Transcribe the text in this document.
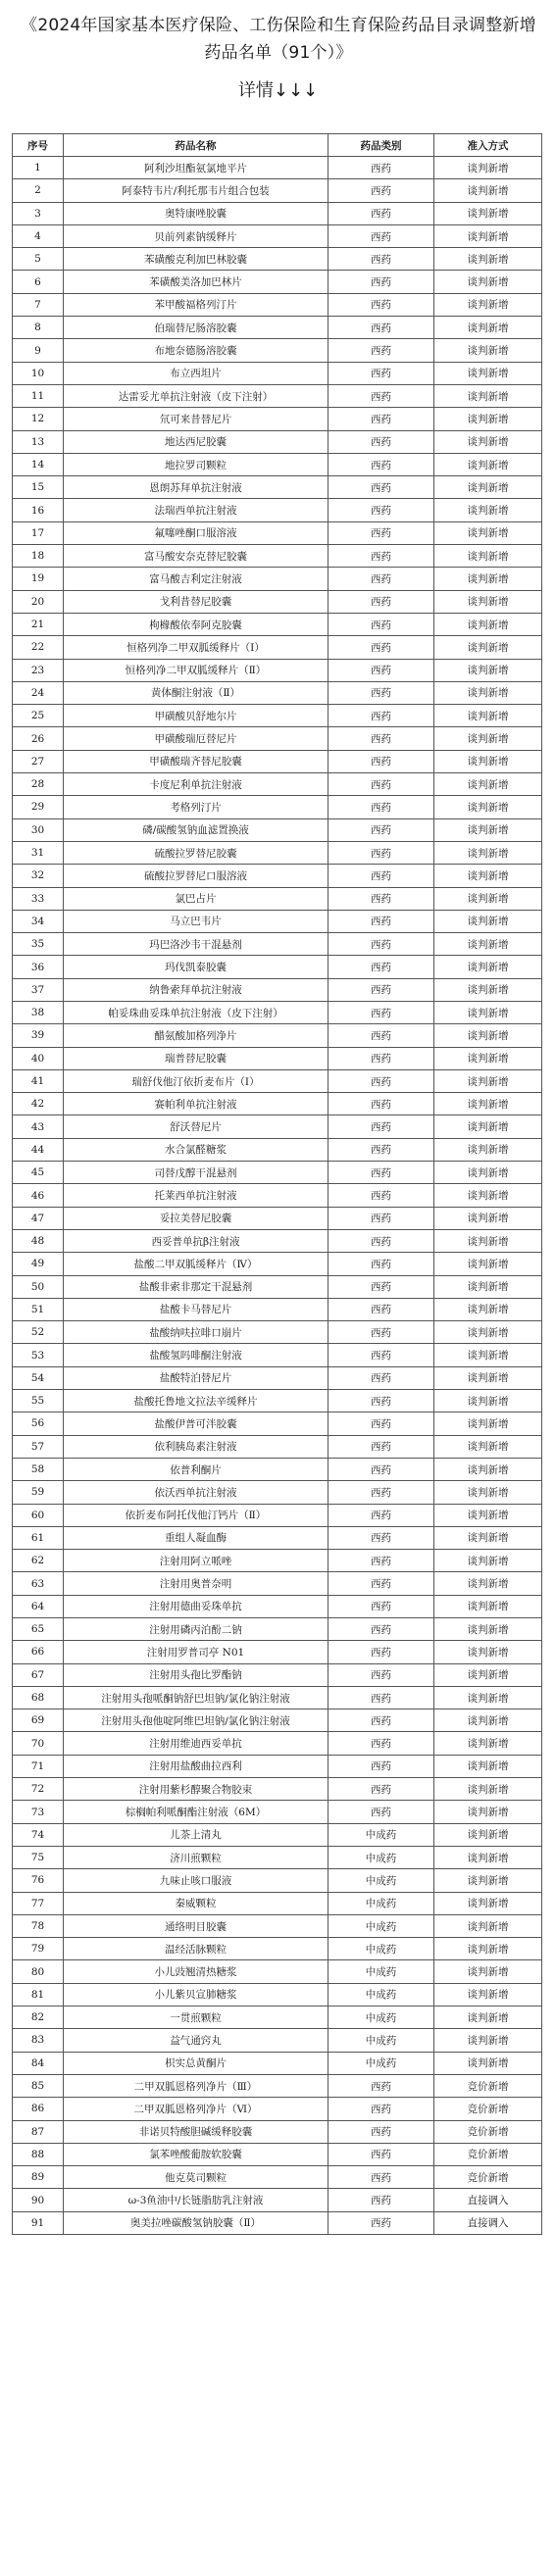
《2024年国家基本医疗保险、工伤保险和生育保险药品目录调整新增药品名单（91个）》
详情↓↓↓
序号	药品名称	药品类别	准入方式
1	阿利沙坦酯氨氯地平片	西药	谈判新增
2	阿泰特韦片/利托那韦片组合包装	西药	谈判新增
3	奥特康唑胶囊	西药	谈判新增
4	贝前列素钠缓释片	西药	谈判新增
5	苯磺酸克利加巴林胶囊	西药	谈判新增
6	苯磺酸美洛加巴林片	西药	谈判新增
7	苯甲酸福格列汀片	西药	谈判新增
8	伯瑞替尼肠溶胶囊	西药	谈判新增
9	布地奈德肠溶胶囊	西药	谈判新增
10	布立西坦片	西药	谈判新增
11	达雷妥尤单抗注射液（皮下注射）	西药	谈判新增
12	氘可来昔替尼片	西药	谈判新增
13	地达西尼胶囊	西药	谈判新增
14	地拉罗司颗粒	西药	谈判新增
15	恩朗苏拜单抗注射液	西药	谈判新增
16	法瑞西单抗注射液	西药	谈判新增
17	氟噻唑酮口服溶液	西药	谈判新增
18	富马酸安奈克替尼胶囊	西药	谈判新增
19	富马酸吉利定注射液	西药	谈判新增
20	戈利昔替尼胶囊	西药	谈判新增
21	枸橼酸依奉阿克胶囊	西药	谈判新增
22	恒格列净二甲双胍缓释片（Ⅰ）	西药	谈判新增
23	恒格列净二甲双胍缓释片（Ⅱ）	西药	谈判新增
24	黄体酮注射液（Ⅱ）	西药	谈判新增
25	甲磺酸贝舒地尔片	西药	谈判新增
26	甲磺酸瑞厄替尼片	西药	谈判新增
27	甲磺酸瑞齐替尼胶囊	西药	谈判新增
28	卡度尼利单抗注射液	西药	谈判新增
29	考格列汀片	西药	谈判新增
30	磷/碳酸氢钠血滤置换液	西药	谈判新增
31	硫酸拉罗替尼胶囊	西药	谈判新增
32	硫酸拉罗替尼口服溶液	西药	谈判新增
33	氯巴占片	西药	谈判新增
34	马立巴韦片	西药	谈判新增
35	玛巴洛沙韦干混悬剂	西药	谈判新增
36	玛伐凯泰胶囊	西药	谈判新增
37	纳鲁索拜单抗注射液	西药	谈判新增
38	帕妥珠曲妥珠单抗注射液（皮下注射）	西药	谈判新增
39	醋氨酸加格列净片	西药	谈判新增
40	瑞普替尼胶囊	西药	谈判新增
41	瑞舒伐他汀依折麦布片（Ⅰ）	西药	谈判新增
42	赛帕利单抗注射液	西药	谈判新增
43	舒沃替尼片	西药	谈判新增
44	水合氯醛糖浆	西药	谈判新增
45	司替戊醇干混悬剂	西药	谈判新增
46	托莱西单抗注射液	西药	谈判新增
47	妥拉美替尼胶囊	西药	谈判新增
48	西妥普单抗β注射液	西药	谈判新增
49	盐酸二甲双胍缓释片（Ⅳ）	西药	谈判新增
50	盐酸非索非那定干混悬剂	西药	谈判新增
51	盐酸卡马替尼片	西药	谈判新增
52	盐酸纳呋拉啡口崩片	西药	谈判新增
53	盐酸氢吗啡酮注射液	西药	谈判新增
54	盐酸特泊替尼片	西药	谈判新增
55	盐酸托鲁地文拉法辛缓释片	西药	谈判新增
56	盐酸伊普可泮胶囊	西药	谈判新增
57	依利胰岛素注射液	西药	谈判新增
58	依普利酮片	西药	谈判新增
59	依沃西单抗注射液	西药	谈判新增
60	依折麦布阿托伐他汀钙片（Ⅱ）	西药	谈判新增
61	重组人凝血酶	西药	谈判新增
62	注射用阿立哌唑	西药	谈判新增
63	注射用奥普奈明	西药	谈判新增
64	注射用德曲妥珠单抗	西药	谈判新增
65	注射用磷丙泊酚二钠	西药	谈判新增
66	注射用罗普司亭 N01	西药	谈判新增
67	注射用头孢比罗酯钠	西药	谈判新增
68	注射用头孢哌酮钠舒巴坦钠/氯化钠注射液	西药	谈判新增
69	注射用头孢他啶阿维巴坦钠/氯化钠注射液	西药	谈判新增
70	注射用维迪西妥单抗	西药	谈判新增
71	注射用盐酸曲拉西利	西药	谈判新增
72	注射用紫杉醇聚合物胶束	西药	谈判新增
73	棕榈帕利哌酮酯注射液（6M）	西药	谈判新增
74	儿茶上清丸	中成药	谈判新增
75	济川煎颗粒	中成药	谈判新增
76	九味止咳口服液	中成药	谈判新增
77	秦威颗粒	中成药	谈判新增
78	通络明目胶囊	中成药	谈判新增
79	温经活脉颗粒	中成药	谈判新增
80	小儿豉翘清热糖浆	中成药	谈判新增
81	小儿紫贝宣肺糖浆	中成药	谈判新增
82	一贯煎颗粒	中成药	谈判新增
83	益气通窍丸	中成药	谈判新增
84	枳实总黄酮片	中成药	谈判新增
85	二甲双胍恩格列净片（Ⅲ）	西药	竞价新增
86	二甲双胍恩格列净片（Ⅵ）	西药	竞价新增
87	非诺贝特酸胆碱缓释胶囊	西药	竞价新增
88	氯苯唑酸葡胺软胶囊	西药	竞价新增
89	他克莫司颗粒	西药	竞价新增
90	ω-3鱼油中/长链脂肪乳注射液	西药	直接调入
91	奥美拉唑碳酸氢钠胶囊（Ⅱ）	西药	直接调入
